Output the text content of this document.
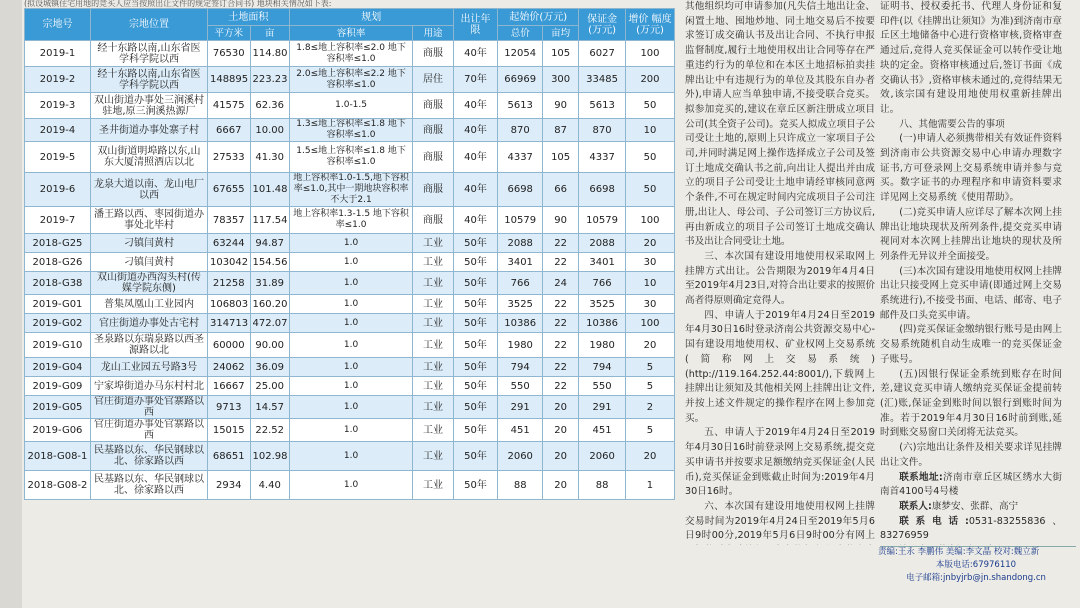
(拟设城镇住宅用地的竞买人应当按照出让文件的规定签订合同书) 地块相关情况如下表:
宗地号	宗地位置	土地面积		规划		出让年限	起始价(万元)		保证金(万元)	增价 幅度(万元)
		平方米	亩	容积率	用途		总价	亩均		
2019-1	经十东路以南,山东省医学科学院以西	76530	114.80	1.8≤地上容积率≤2.0 地下容积率≤1.0	商服	40年	12054	105	6027	100
2019-2	经十东路以南,山东省医学科学院以西	148895	223.23	2.0≤地上容积率≤2.2 地下容积率≤1.0	居住	70年	66969	300	33485	200
2019-3	双山街道办事处三涧溪村驻地,原三涧溪热源厂	41575	62.36	1.0-1.5	商服	40年	5613	90	5613	50
2019-4	圣井街道办事处寨子村	6667	10.00	1.3≤地上容积率≤1.8 地下容积率≤1.0	商服	40年	870	87	870	10
2019-5	双山街道明埠路以东,山东大厦清照酒店以北	27533	41.30	1.5≤地上容积率≤1.8 地下容积率≤1.0	商服	40年	4337	105	4337	50
2019-6	龙泉大道以南、龙山电厂以西	67655	101.48	地上容积率1.0-1.5,地下容积率≤1.0,其中一期地块容积率不大于2.1	商服	40年	6698	66	6698	50
2019-7	潘王路以西、枣园街道办事处北毕村	78357	117.54	地上容积率1.3-1.5 地下容积率≤1.0	商服	40年	10579	90	10579	100
2018-G25	刁镇闫黄村	63244	94.87	1.0	工业	50年	2088	22	2088	20
2018-G26	刁镇闫黄村	103042	154.56	1.0	工业	50年	3401	22	3401	30
2018-G38	双山街道办西沟头村(传媒学院东侧)	21258	31.89	1.0	工业	50年	766	24	766	10
2019-G01	普集凤凰山工业园内	106803	160.20	1.0	工业	50年	3525	22	3525	30
2019-G02	官庄街道办事处古宅村	314713	472.07	1.0	工业	50年	10386	22	10386	100
2019-G10	圣泉路以东瑞泉路以西圣源路以北	60000	90.00	1.0	工业	50年	1980	22	1980	20
2019-G04	龙山工业园五号路3号	24062	36.09	1.0	工业	50年	794	22	794	5
2019-G09	宁家埠街道办马东村村北	16667	25.00	1.0	工业	50年	550	22	550	5
2019-G05	官庄街道办事处官寨路以西	9713	14.57	1.0	工业	50年	291	20	291	2
2019-G06	官庄街道办事处官寨路以西	15015	22.52	1.0	工业	50年	451	20	451	5
2018-G08-1	民基路以东、华民钢球以北、徐家路以西	68651	102.98	1.0	工业	50年	2060	20	2060	20
2018-G08-2	民基路以东、华民钢球以北、徐家路以西	2934	4.40	1.0	工业	50年	88	20	88	1

其他组织均可申请参加(凡失信土地出让金、闲置土地、囤地炒地、同土地交易后不按要求签订成交确认书及出让合同、不执行申报监督制度,履行土地使用权出让合同等存在严重违约行为的单位和在本区土地招标拍卖挂牌出让中有违规行为的单位及其股东自办者外),申请人应当单独申请,不接受联合竞买。拟参加竞买的,建议在章丘区新注册成立项目公司(其全资子公司)。竞买人拟成立项目子公司受让土地的,原则上只许成立一家项目子公司,并同时满足网上操作选择成立子公司及签订土地成交确认书之前,向出让人提出并由成立的项目子公司受让土地申请经审核同意两个条件,不可在规定时间内完成项目子公司注册,出让人、母公司、子公司签订三方协议后,再由新成立的项目子公司签订土地成交确认书及出让合同受让土地。

三、本次国有建设用地使用权采取网上挂牌方式出让。公告期限为2019年4月4日至2019年4月23日,对符合出让要求的按照价高者得原则确定竞得人。

四、申请人于2019年4月24日至2019年4月30日16时登录济南公共资源交易中心-国有建设用地使用权、矿业权网上交易系统(简称网上交易系统)(http://119.164.252.44:8001/),下载网上挂牌出让须知及其他相关网上挂牌出让文件,并按上述文件规定的操作程序在网上参加竞买。

五、申请人于2019年4月24日至2019年4月30日16时前登录网上交易系统,提交竞买申请书并按要求足额缴纳竞买保证金(人民币),竞买保证金到账截止时间为:2019年4月30日16时。

六、本次国有建设用地使用权网上挂牌交易时间为2019年4月24日至2019年5月6日9时00分,2019年5月6日9时00分有网上

证明书、授权委托书、代理人身份证和复印件(以《挂牌出让须知》为准)到济南市章丘区土地储备中心进行资格审核,资格审查通过后,竞得人竞买保证金可以转作受让地块的定金。资格审核通过后,签订书面《成交确认书》,资格审核未通过的,竞得结果无效,该宗国有建设用地使用权重新挂牌出让。

八、其他需要公告的事项

(一)申请人必须携带相关有效证件资料到济南市公共资源交易中心申请办理数字证书,方可登录网上交易系统申请并参与竞买。数字证书的办理程序和申请资料要求详见网上交易系统《使用帮助》。

(二)竞买申请人应详尽了解本次网上挂牌出让地块现状及所列条件,提交竞买申请视同对本次网上挂牌出让地块的现状及所列条件无异议并全面接受。

(三)本次国有建设用地使用权网上挂牌出让只接受网上竞买申请(即通过网上交易系统进行),不接受书面、电话、邮寄、电子邮件及口头竞买申请。

(四)竞买保证金缴纳银行账号是由网上交易系统随机自动生成唯一的竞买保证金子账号。

(五)因银行保证金系统到账存在时间差,建议竞买申请人缴纳竞买保证金提前转(汇)账,保证金到账时间以银行到账时间为准。若于2019年4月30日16时前到账,延时到账交易窗口关闭将无法竞买。

(六)宗地出让条件及相关要求详见挂牌出让文件。

联系地址:济南市章丘区城区绣水大街南首4100号4号楼

联系人:康梦安、张群、高宁

联系电话:0531-83255836、83276959

责编:王永 李鹏伟 美编:李文晶 校对:魏立新
本版电话:67976110
电子邮箱:jnbyjrb@jn.shandong.cn
